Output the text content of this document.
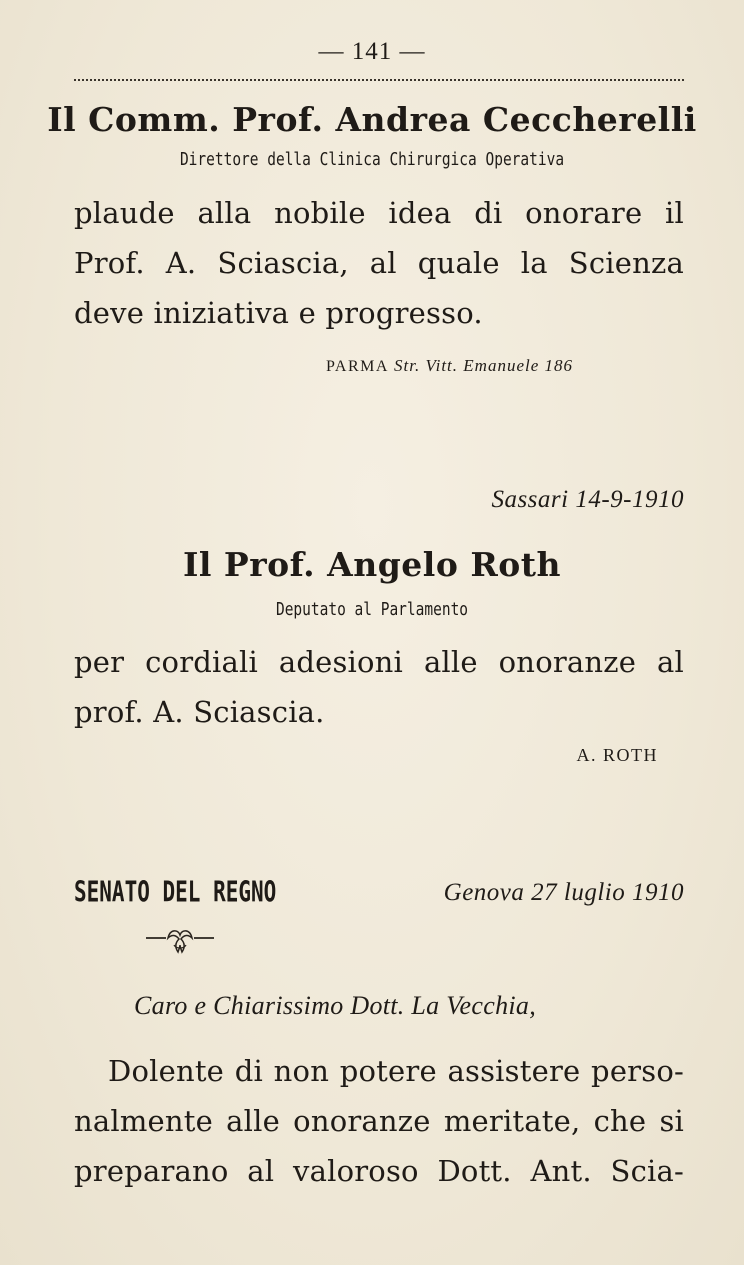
— 141 —
Il Comm. Prof. Andrea Ceccherelli
Direttore della Clinica Chirurgica Operativa
plaude alla nobile idea di onorare il
Prof. A. Sciascia, al quale la Scienza
deve iniziativa e progresso.
PARMA Str. Vitt. Emanuele 186
Sassari 14-9-1910
Il Prof. Angelo Roth
Deputato al Parlamento
per cordiali adesioni alle onoranze al
prof. A. Sciascia.
A. ROTH
SENATO DEL REGNO	Genova 27 luglio 1910
Caro e Chiarissimo Dott. La Vecchia,
Dolente di non potere assistere perso-
nalmente alle onoranze meritate, che si
preparano al valoroso Dott. Ant. Scia-
